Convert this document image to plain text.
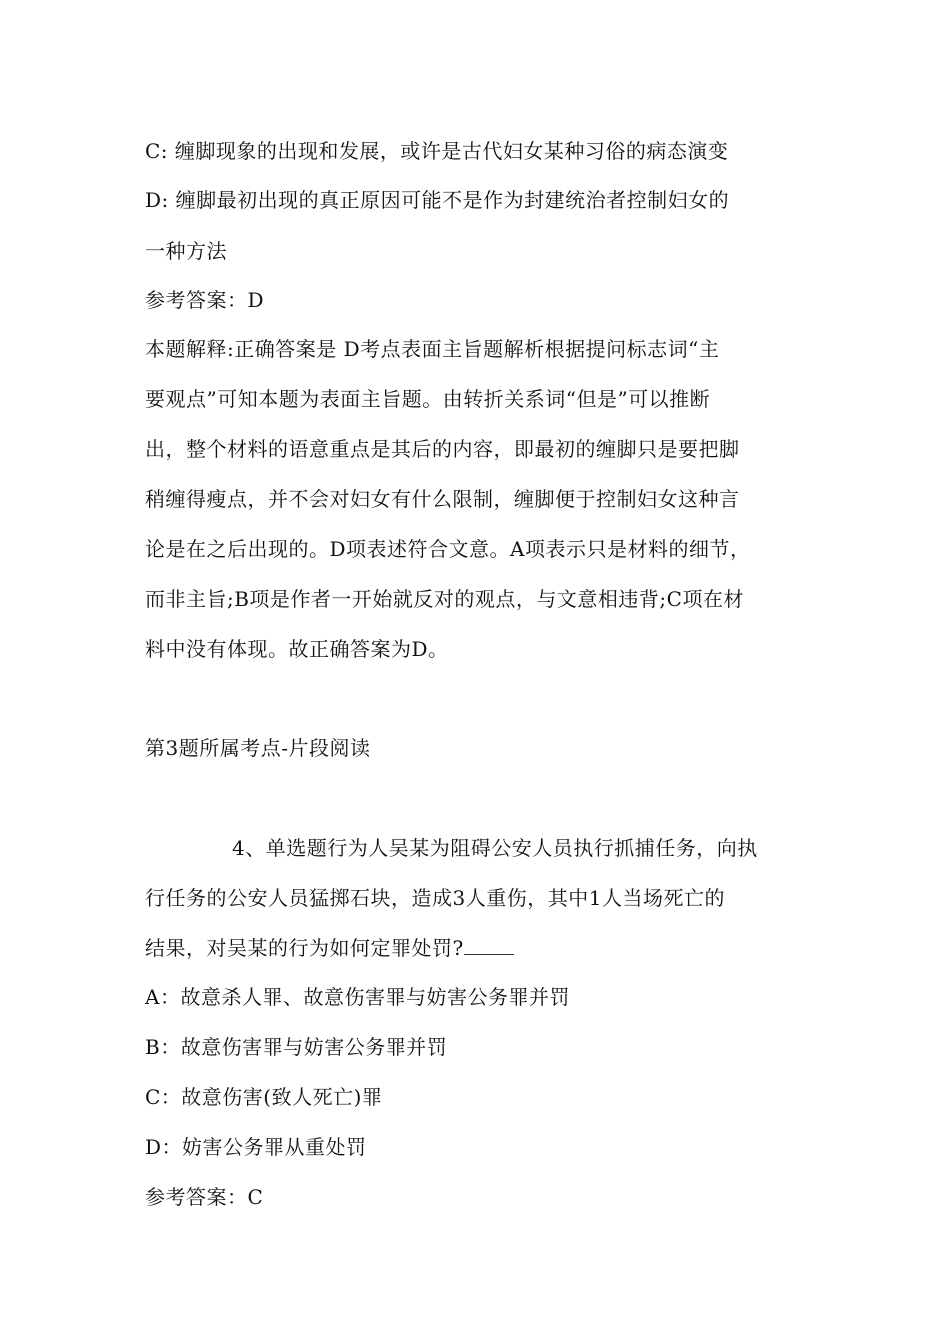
C: 缠脚现象的出现和发展，或许是古代妇女某种习俗的病态演变
D: 缠脚最初出现的真正原因可能不是作为封建统治者控制妇女的
一种方法
参考答案：D
本题解释:正确答案是 D考点表面主旨题解析根据提问标志词“主
要观点”可知本题为表面主旨题。由转折关系词“但是”可以推断
出，整个材料的语意重点是其后的内容，即最初的缠脚只是要把脚
稍缠得瘦点，并不会对妇女有什么限制，缠脚便于控制妇女这种言
论是在之后出现的。D项表述符合文意。A项表示只是材料的细节，
而非主旨;B项是作者一开始就反对的观点，与文意相违背;C项在材
料中没有体现。故正确答案为D。
第3题所属考点-片段阅读
4、单选题行为人吴某为阻碍公安人员执行抓捕任务，向执
行任务的公安人员猛掷石块，造成3人重伤，其中1人当场死亡的
结果，对吴某的行为如何定罪处罚?
A：故意杀人罪、故意伤害罪与妨害公务罪并罚
B：故意伤害罪与妨害公务罪并罚
C：故意伤害(致人死亡)罪
D：妨害公务罪从重处罚
参考答案：C
